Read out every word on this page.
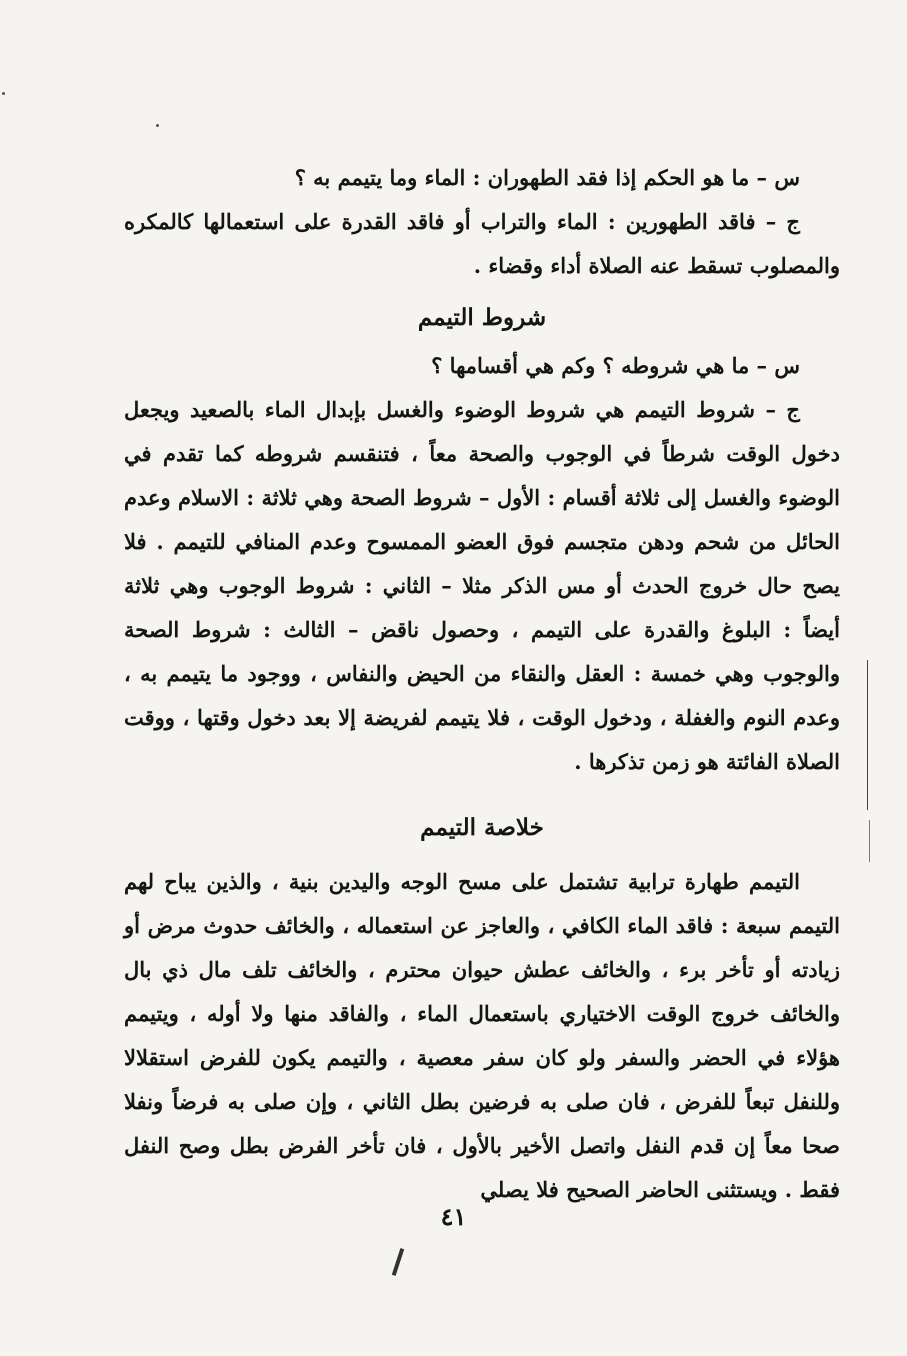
س – ما هو الحكم إذا فقد الطهوران : الماء وما يتيمم به ؟

ج – فاقد الطهورين : الماء والتراب أو فاقد القدرة على استعمالها كالمكره والمصلوب تسقط عنه الصلاة أداء وقضاء .

شروط التيمم

س – ما هي شروطه ؟ وكم هي أقسامها ؟

ج – شروط التيمم هي شروط الوضوء والغسل بإبدال الماء بالصعيد ويجعل دخول الوقت شرطاً في الوجوب والصحة معاً ، فتنقسم شروطه كما تقدم في الوضوء والغسل إلى ثلاثة أقسام : الأول – شروط الصحة وهي ثلاثة : الاسلام وعدم الحائل من شحم ودهن متجسم فوق العضو الممسوح وعدم المنافي للتيمم . فلا يصح حال خروج الحدث أو مس الذكر مثلا – الثاني : شروط الوجوب وهي ثلاثة أيضاً : البلوغ والقدرة على التيمم ، وحصول ناقض – الثالث : شروط الصحة والوجوب وهي خمسة : العقل والنقاء من الحيض والنفاس ، ووجود ما يتيمم به ، وعدم النوم والغفلة ، ودخول الوقت ، فلا يتيمم لفريضة إلا بعد دخول وقتها ، ووقت الصلاة الفائتة هو زمن تذكرها .

خلاصة التيمم

التيمم طهارة ترابية تشتمل على مسح الوجه واليدين بنية ، والذين يباح لهم التيمم سبعة : فاقد الماء الكافي ، والعاجز عن استعماله ، والخائف حدوث مرض أو زيادته أو تأخر برء ، والخائف عطش حيوان محترم ، والخائف تلف مال ذي بال والخائف خروج الوقت الاختياري باستعمال الماء ، والفاقد منها ولا أوله ، ويتيمم هؤلاء في الحضر والسفر ولو كان سفر معصية ، والتيمم يكون للفرض استقلالا وللنفل تبعاً للفرض ، فان صلى به فرضين بطل الثاني ، وإن صلى به فرضاً ونفلا صحا معاً إن قدم النفل واتصل الأخير بالأول ، فان تأخر الفرض بطل وصح النفل فقط . ويستثنى الحاضر الصحيح فلا يصلي

٤١
